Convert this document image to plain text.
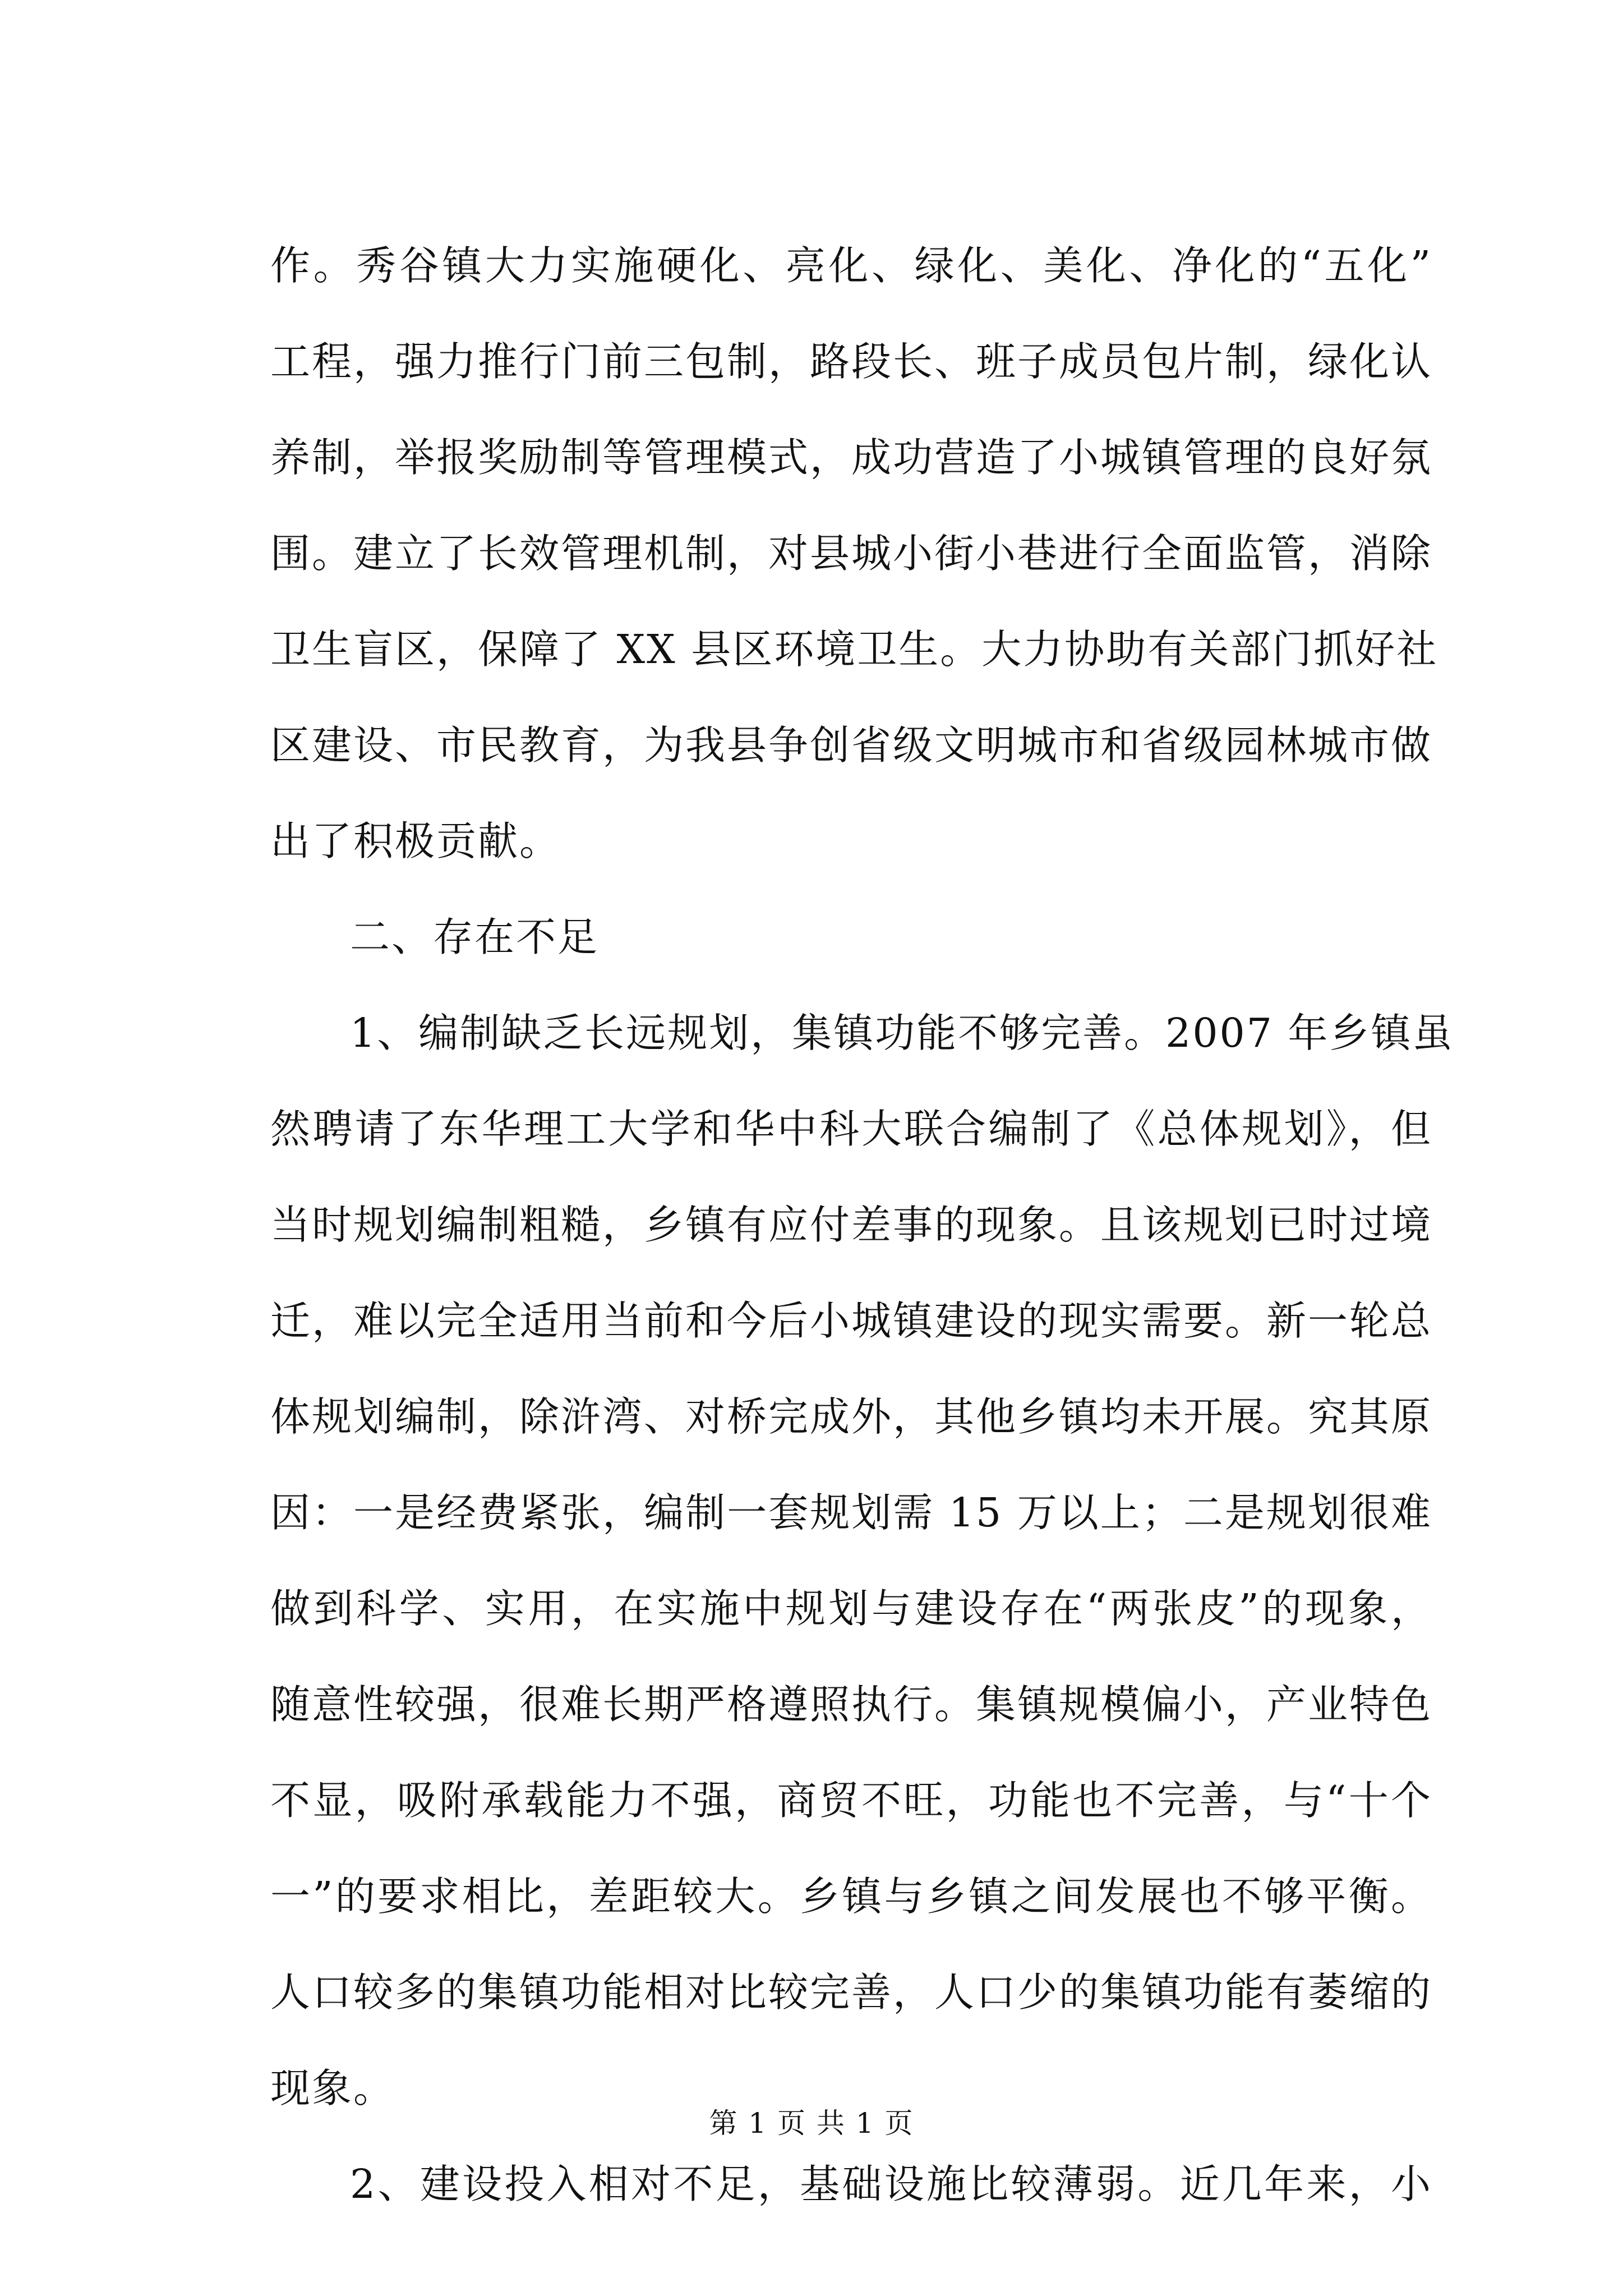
作。秀谷镇大力实施硬化、亮化、绿化、美化、净化的“五化”
工程，强力推行门前三包制，路段长、班子成员包片制，绿化认
养制，举报奖励制等管理模式，成功营造了小城镇管理的良好氛
围。建立了长效管理机制，对县城小街小巷进行全面监管，消除
卫生盲区，保障了 XX 县区环境卫生。大力协助有关部门抓好社
区建设、市民教育，为我县争创省级文明城市和省级园林城市做
出了积极贡献。
二、存在不足
1、编制缺乏长远规划，集镇功能不够完善。2007 年乡镇虽
然聘请了东华理工大学和华中科大联合编制了《总体规划》，但
当时规划编制粗糙，乡镇有应付差事的现象。且该规划已时过境
迁，难以完全适用当前和今后小城镇建设的现实需要。新一轮总
体规划编制，除浒湾、对桥完成外，其他乡镇均未开展。究其原
因：一是经费紧张，编制一套规划需 15 万以上；二是规划很难
做到科学、实用，在实施中规划与建设存在“两张皮”的现象，
随意性较强，很难长期严格遵照执行。集镇规模偏小，产业特色
不显，吸附承载能力不强，商贸不旺，功能也不完善，与“十个
一”的要求相比，差距较大。乡镇与乡镇之间发展也不够平衡。
人口较多的集镇功能相对比较完善，人口少的集镇功能有萎缩的
现象。
2、建设投入相对不足，基础设施比较薄弱。近几年来，小
第 1 页 共 1 页
